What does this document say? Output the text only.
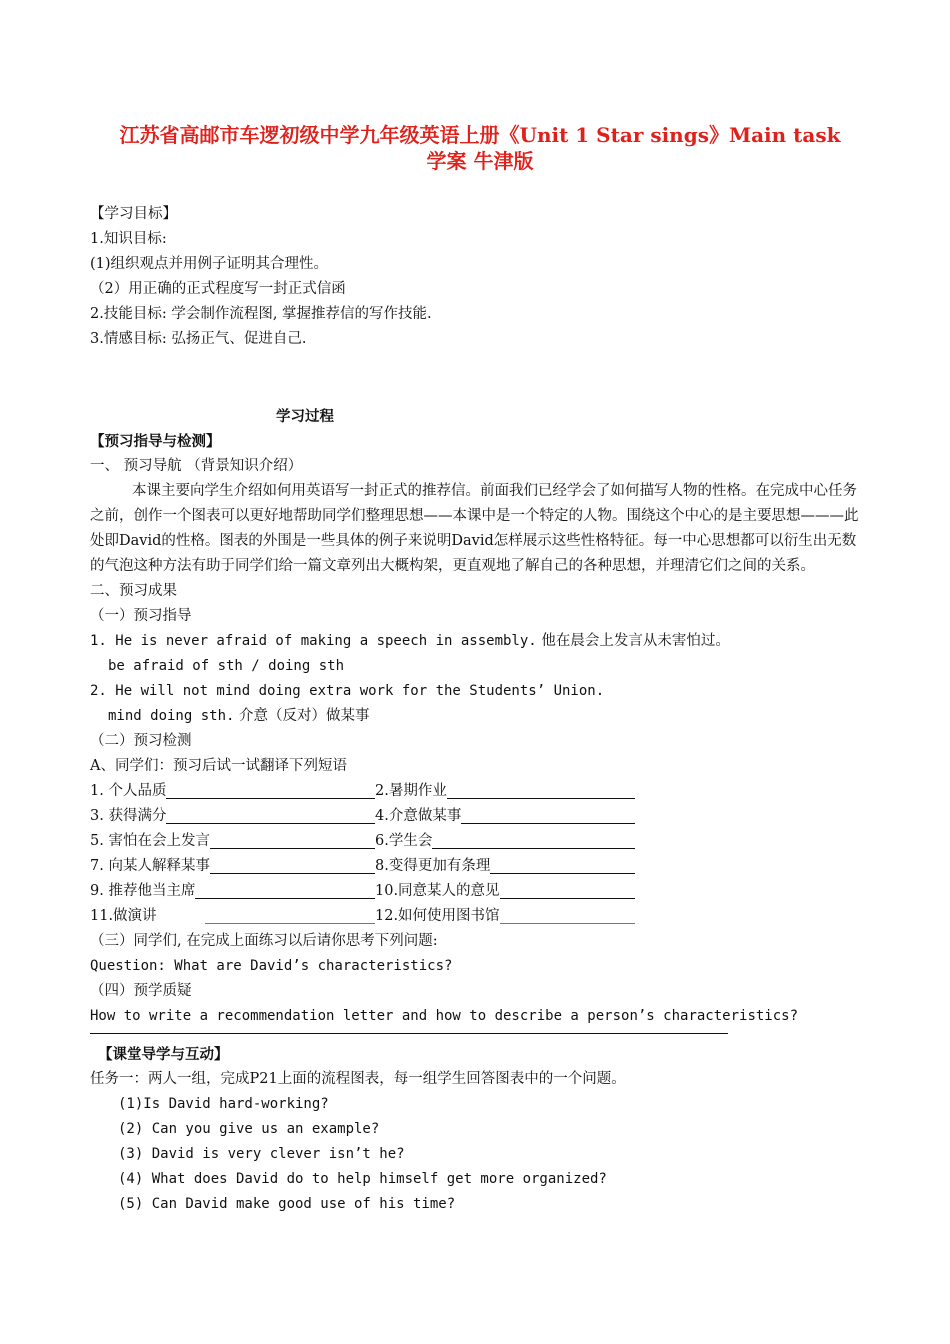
江苏省高邮市车逻初级中学九年级英语上册《Unit 1 Star sings》Main task
学案 牛津版
【学习目标】
1.知识目标:
(1)组织观点并用例子证明其合理性。
（2）用正确的正式程度写一封正式信函
2.技能目标: 学会制作流程图, 掌握推荐信的写作技能.
3.情感目标: 弘扬正气、促进自己.
学习过程
【预习指导与检测】
一、 预习导航 （背景知识介绍）
本课主要向学生介绍如何用英语写一封正式的推荐信。前面我们已经学会了如何描写人物的性格。在完成中心任务之前，创作一个图表可以更好地帮助同学们整理思想——本课中是一个特定的人物。围绕这个中心的是主要思想———此处即David的性格。图表的外围是一些具体的例子来说明David怎样展示这些性格特征。每一中心思想都可以衍生出无数的气泡这种方法有助于同学们给一篇文章列出大概构架，更直观地了解自己的各种思想，并理清它们之间的关系。
二、预习成果
（一）预习指导
1. He is never afraid of making a speech in assembly. 他在晨会上发言从未害怕过。
be afraid of sth / doing sth
2. He will not mind doing extra work for the Students’ Union.
mind doing sth. 介意（反对）做某事
（二）预习检测
A、同学们：预习后试一试翻译下列短语
1. 个人品质	2.暑期作业
3. 获得满分	4.介意做某事
5. 害怕在会上发言	6.学生会
7. 向某人解释某事	8.变得更加有条理
9. 推荐他当主席	10.同意某人的意见
11.做演讲	12.如何使用图书馆
（三）同学们, 在完成上面练习以后请你思考下列问题:
Question: What are David’s characteristics?
（四）预学质疑
How to write a recommendation letter and how to describe a person’s characteristics?
【课堂导学与互动】
任务一：两人一组，完成P21上面的流程图表，每一组学生回答图表中的一个问题。
(1)Is David hard-working?
(2) Can you give us an example?
(3) David is very clever isn’t he?
(4) What does David do to help himself get more organized?
(5) Can David make good use of his time?
